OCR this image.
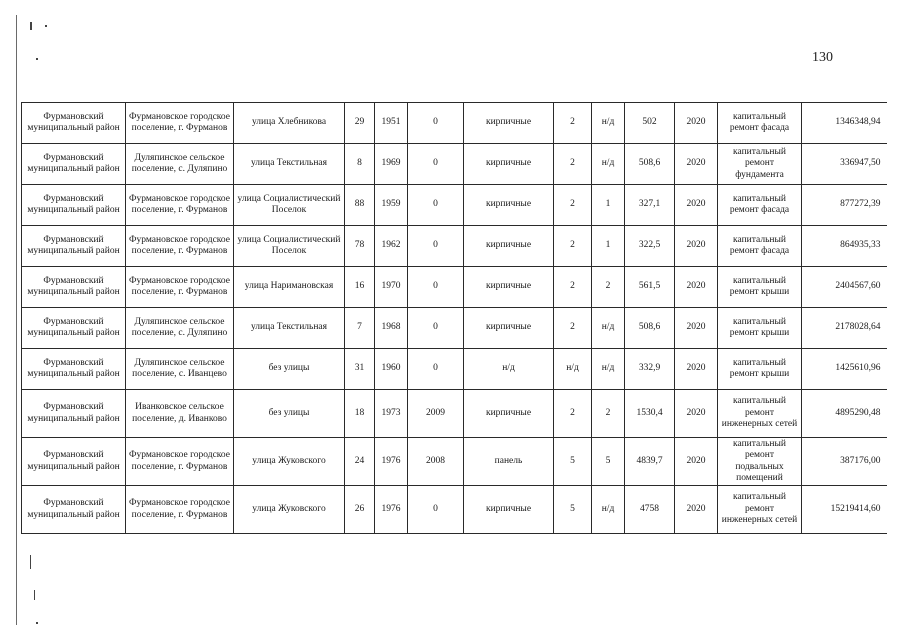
130
Фурмановский муниципальный район	Фурмановское городское поселение, г. Фурманов	улица Хлебникова	29	1951	0	кирпичные	2	н/д	502	2020	капитальный ремонт фасада	1346348,94
Фурмановский муниципальный район	Дуляпинское сельское поселение, с. Дуляпино	улица Текстильная	8	1969	0	кирпичные	2	н/д	508,6	2020	капитальный ремонт фундамента	336947,50
Фурмановский муниципальный район	Фурмановское городское поселение, г. Фурманов	улица Социалистический Поселок	88	1959	0	кирпичные	2	1	327,1	2020	капитальный ремонт фасада	877272,39
Фурмановский муниципальный район	Фурмановское городское поселение, г. Фурманов	улица Социалистический Поселок	78	1962	0	кирпичные	2	1	322,5	2020	капитальный ремонт фасада	864935,33
Фурмановский муниципальный район	Фурмановское городское поселение, г. Фурманов	улица Наримановская	16	1970	0	кирпичные	2	2	561,5	2020	капитальный ремонт крыши	2404567,60
Фурмановский муниципальный район	Дуляпинское сельское поселение, с. Дуляпино	улица Текстильная	7	1968	0	кирпичные	2	н/д	508,6	2020	капитальный ремонт крыши	2178028,64
Фурмановский муниципальный район	Дуляпинское сельское поселение, с. Иванцево	без улицы	31	1960	0	н/д	н/д	н/д	332,9	2020	капитальный ремонт крыши	1425610,96
Фурмановский муниципальный район	Иванковское сельское поселение, д. Иванково	без улицы	18	1973	2009	кирпичные	2	2	1530,4	2020	капитальный ремонт инженерных сетей	4895290,48
Фурмановский муниципальный район	Фурмановское городское поселение, г. Фурманов	улица Жуковского	24	1976	2008	панель	5	5	4839,7	2020	капитальный ремонт подвальных помещений	387176,00
Фурмановский муниципальный район	Фурмановское городское поселение, г. Фурманов	улица Жуковского	26	1976	0	кирпичные	5	н/д	4758	2020	капитальный ремонт инженерных сетей	15219414,60
